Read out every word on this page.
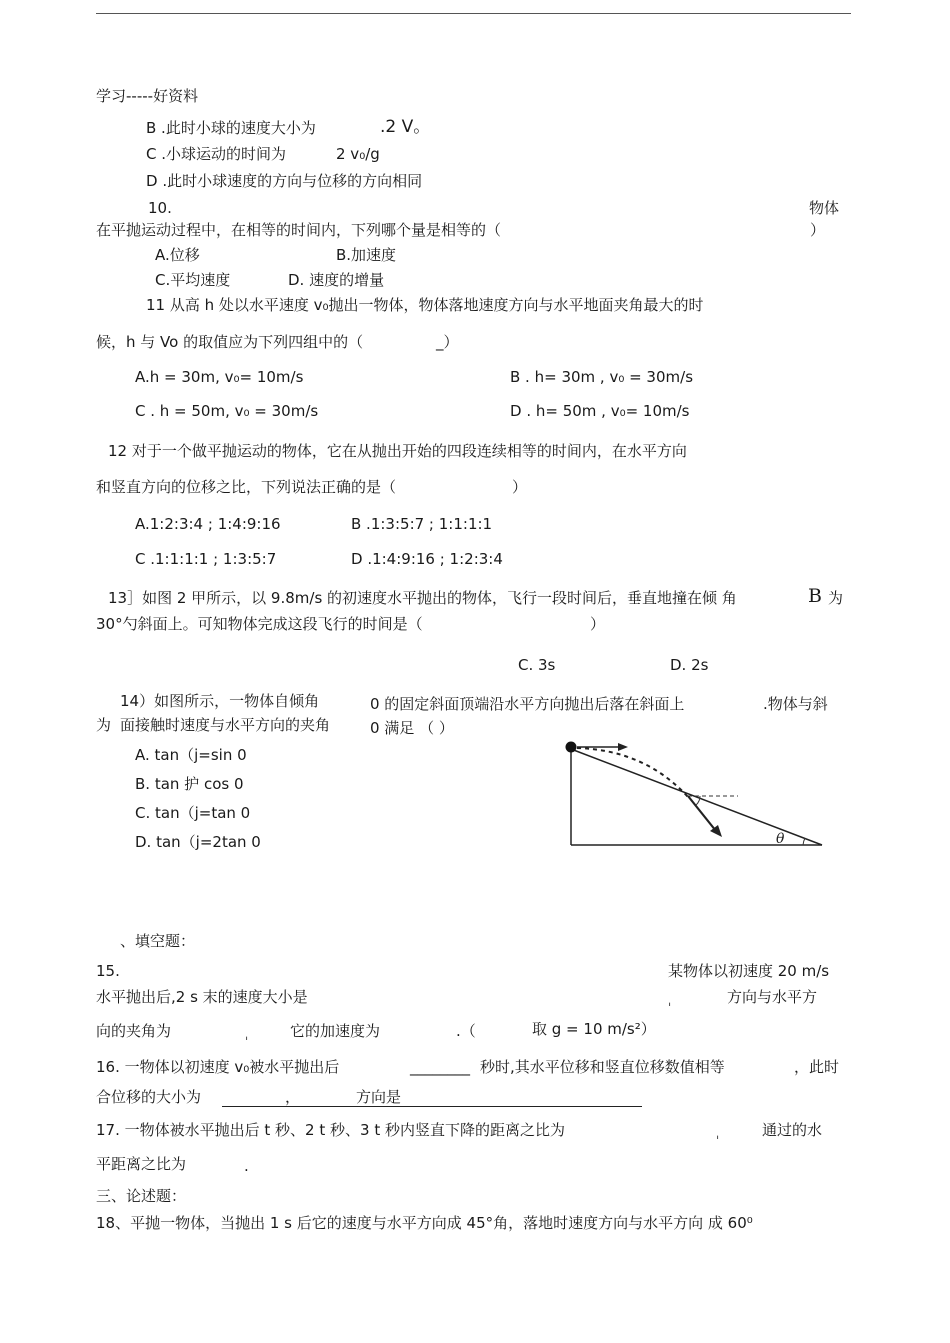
学习-----好资料
B .此时小球的速度大小为	.2 V。
C .小球运动的时间为	2 v₀/g
D .此时小球速度的方向与位移的方向相同
10.	物体
在平抛运动过程中，在相等的时间内，下列哪个量是相等的（	）
A.位移	B.加速度
C.平均速度	D. 速度的增量
11 从高 h 处以水平速度 v₀抛出一物体，物体落地速度方向与水平地面夹角最大的时
候，h 与 Vo 的取值应为下列四组中的（	_）
A.h = 30m, v₀= 10m/s	B . h= 30m , v₀ = 30m/s
C . h = 50m, v₀ = 30m/s	D . h= 50m , v₀= 10m/s
12 对于一个做平抛运动的物体，它在从抛出开始的四段连续相等的时间内，在水平方向
和竖直方向的位移之比，下列说法正确的是（	）
A.1:2:3:4 ; 1:4:9:16	B .1:3:5:7 ; 1:1:1:1
C .1:1:1:1 ; 1:3:5:7	D .1:4:9:16 ; 1:2:3:4
13］如图 2 甲所示，以 9.8m/s 的初速度水平抛出的物体，飞行一段时间后，垂直地撞在倾 角	B 为
30°勺斜面上。可知物体完成这段飞行的时间是（	）
C. 3s	D. 2s
14）如图所示，一物体自倾角	0 的固定斜面顶端沿水平方向抛出后落在斜面上	.物体与斜
为 面接触时速度与水平方向的夹角	0 满足 （ ）
A. tan（j=sin 0
B. tan 护 cos 0
C. tan（j=tan 0
D. tan（j=2tan 0	θ
、填空题：
15.	某物体以初速度 20 m/s
水平抛出后,2 s 末的速度大小是	ˌ	方向与水平方
向的夹角为	ˌ	它的加速度为	.（	取 g = 10 m/s²）
16. 一物体以初速度 v₀被水平抛出后	________ 秒时,其水平位移和竖直位移数值相等	，此时
合位移的大小为	，	方向是
17. 一物体被水平抛出后 t 秒、2 t 秒、3 t 秒内竖直下降的距离之比为	ˌ	通过的水
平距离之比为	.
三、论述题：
18、平抛一物体，当抛出 1 s 后它的速度与水平方向成 45°角，落地时速度方向与水平方向 成 60⁰
